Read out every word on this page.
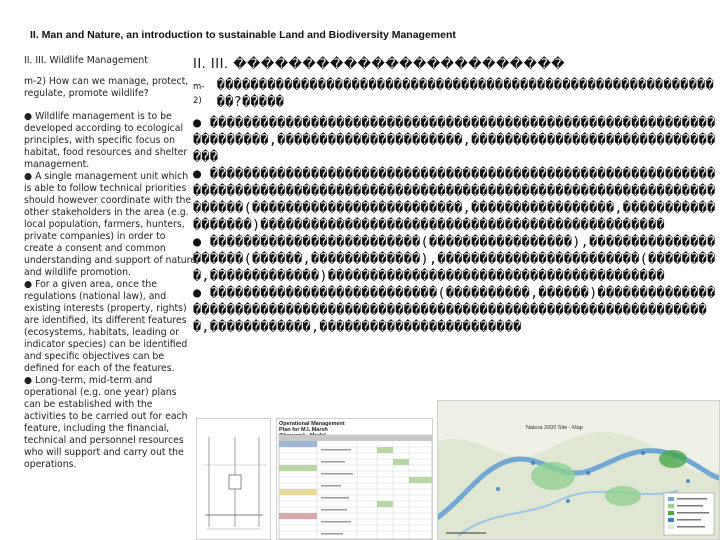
II. Man and Nature, an introduction to sustainable Land and Biodiversity Management
II. III. Wildlife Management
m-2) How can we manage, protect, regulate, promote wildlife?

● Wildlife management is to be developed according to ecological principles, with specific focus on habitat, food resources and shelter management.

● A single management unit which is able to follow technical priorities should however coordinate with the other stakeholders in the area (e.g. local population, farmers, hunters, private companies) in order to create a consent and common understanding and support of nature and wildlife promotion.

● For a given area, once the regulations (national law), and existing interests (property, rights) are identified, its different features (ecosystems, habitats, leading or indicator species) can be identified and specific objectives can be defined for each of the features.

● Long-term, mid-term and operational (e.g. one year) plans can be established with the activities to be carried out for each feature, including the financial, technical and personnel resources who will support and carry out the operations.

II. III. ������������������������
m-2)
�������������������������������������������������������������?�����
● ���������������������������������������������������������������������,����������������������,��������������������������������
● ��������������������������������������������������������������������������������������������������������������������������������(�������������������������,�����������������,������������������)������������������������������������������������
● �������������������������(�����������������),���������������������(������,�������������),������������������������(���������,�������������)����������������������������������������
● ���������������������������(����������,������)����������������������������������������������������������������������������,������������,������������������������
Operational Management Plan for M.I. Marsh	Natura 2000 Site - Map
